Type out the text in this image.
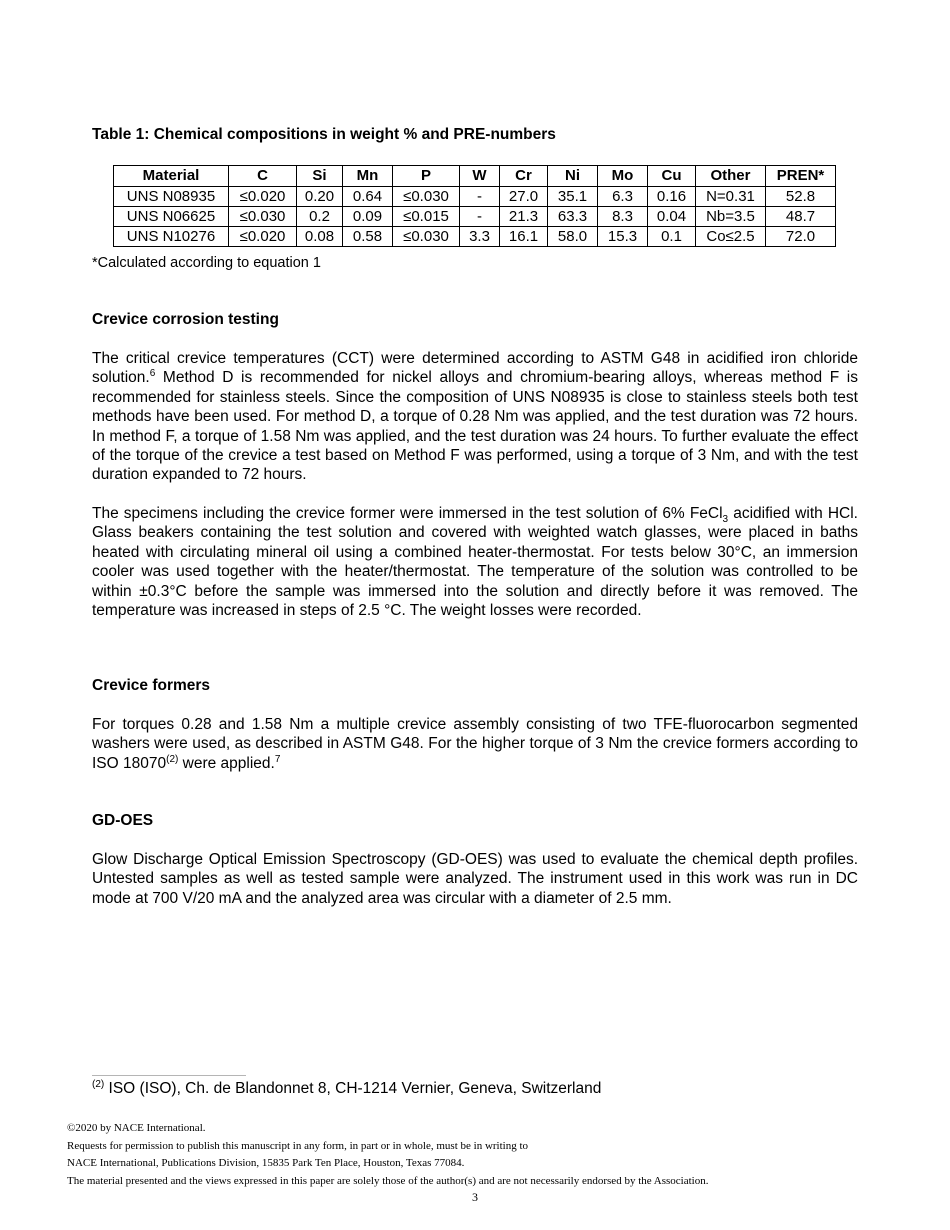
Table 1: Chemical compositions in weight % and PRE-numbers

Material	C	Si	Mn	P	W	Cr	Ni	Mo	Cu	Other	PREN*
UNS N08935	≤0.020	0.20	0.64	≤0.030	-	27.0	35.1	6.3	0.16	N=0.31	52.8
UNS N06625	≤0.030	0.2	0.09	≤0.015	-	21.3	63.3	8.3	0.04	Nb=3.5	48.7
UNS N10276	≤0.020	0.08	0.58	≤0.030	3.3	16.1	58.0	15.3	0.1	Co≤2.5	72.0

*Calculated according to equation 1

Crevice corrosion testing

The critical crevice temperatures (CCT) were determined according to ASTM G48 in acidified iron chloride solution.$^6$ Method D is recommended for nickel alloys and chromium-bearing alloys, whereas method F is recommended for stainless steels. Since the composition of UNS N08935 is close to stainless steels both test methods have been used. For method D, a torque of 0.28 Nm was applied, and the test duration was 72 hours. In method F, a torque of 1.58 Nm was applied, and the test duration was 24 hours. To further evaluate the effect of the torque of the crevice a test based on Method F was performed, using a torque of 3 Nm, and with the test duration expanded to 72 hours.

The specimens including the crevice former were immersed in the test solution of 6% FeCl$_3$ acidified with HCl. Glass beakers containing the test solution and covered with weighted watch glasses, were placed in baths heated with circulating mineral oil using a combined heater-thermostat. For tests below 30°C, an immersion cooler was used together with the heater/thermostat. The temperature of the solution was controlled to be within ±0.3°C before the sample was immersed into the solution and directly before it was removed. The temperature was increased in steps of 2.5 °C. The weight losses were recorded.

Crevice formers

For torques 0.28 and 1.58 Nm a multiple crevice assembly consisting of two TFE-fluorocarbon segmented washers were used, as described in ASTM G48. For the higher torque of 3 Nm the crevice formers according to ISO 18070$^{(2)}$ were applied.$^7$

GD-OES

Glow Discharge Optical Emission Spectroscopy (GD-OES) was used to evaluate the chemical depth profiles. Untested samples as well as tested sample were analyzed. The instrument used in this work was run in DC mode at 700 V/20 mA and the analyzed area was circular with a diameter of 2.5 mm.

$^{(2)}$ ISO (ISO), Ch. de Blandonnet 8, CH-1214 Vernier, Geneva, Switzerland

©2020 by NACE International.
Requests for permission to publish this manuscript in any form, in part or in whole, must be in writing to
NACE International, Publications Division, 15835 Park Ten Place, Houston, Texas 77084.
The material presented and the views expressed in this paper are solely those of the author(s) and are not necessarily endorsed by the Association.

3
